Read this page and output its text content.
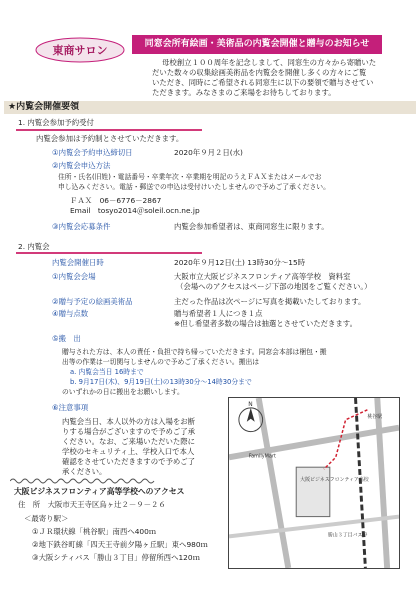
東商サロン	同窓会所有絵画・美術品の内覧会開催と贈与のお知らせ
母校創立１００周年を記念しまして、同窓生の方々から寄贈いた
だいた数々の収集絵画美術品を内覧会を開催し多くの方々にご覧
いただき、同時にご希望される同窓生に以下の要領で贈与させてい
ただきます。みなさまのご来場をお待ちしております。
★内覧会開催要領
1. 内覧会参加予約受付
内覧会参加は予約制とさせていただきます。
①内覧会予約申込締切日	2020年９月２日(水)
②内覧会申込方法
住所・氏名(旧姓)・電話番号・卒業年次・卒業期を明記のうえＦＡＸまたはメールでお
申し込みください。電話・郵送での申込は受付けいたしませんので予めご了承ください。
ＦＡＸ　06－6776－2867
Email　tosyo2014＠soleil.ocn.ne.jp
③内覧会応募条件	内覧会参加希望者は、東商同窓生に限ります。
2. 内覧会
内覧会開催日時	2020年９月12日(土) 13時30分～15時
①内覧会会場	大阪市立大阪ビジネスフロンティア高等学校　資料室
（会場へのアクセスはページ下部の地図をご覧ください。）
②贈与予定の絵画美術品	主だった作品は次ページに写真を掲載いたしております。
④贈与点数	贈与希望者１人につき１点
※但し希望者多数の場合は抽選とさせていただきます。
⑤搬　出
贈与された方は、本人の責任・負担で持ち帰っていただきます。同窓会本部は梱包・搬
出等の作業は一切関与しませんので予めご了承ください。搬出は
a. 内覧会当日 16時まで
b. 9月17日(木)、9月19日(土)の13時30分～14時30分まで
のいずれかの日に搬出をお願いします。
⑥注意事項
内覧会当日、本人以外の方は入場をお断
りする場合がございますので予めご了承
ください。なお、ご来場いただいた際に
学校のセキュリティ上、学校入口で本人
確認をさせていただきますので予めご了
承ください。
大阪ビジネスフロンティア高等学校へのアクセス
住　所　大阪市天王寺区烏ヶ辻２－９－２６
＜最寄り駅＞
①ＪＲ環状線「桃谷駅」南西へ400ｍ
②地下鉄谷町線「四天王寺前夕陽ヶ丘駅」東へ980ｍ
③大阪シティバス「勝山３丁目」停留所西へ120ｍ
大阪ビジネスフロンティア高校
FamilyMart
桃谷駅
勝山３丁目バス停
N
